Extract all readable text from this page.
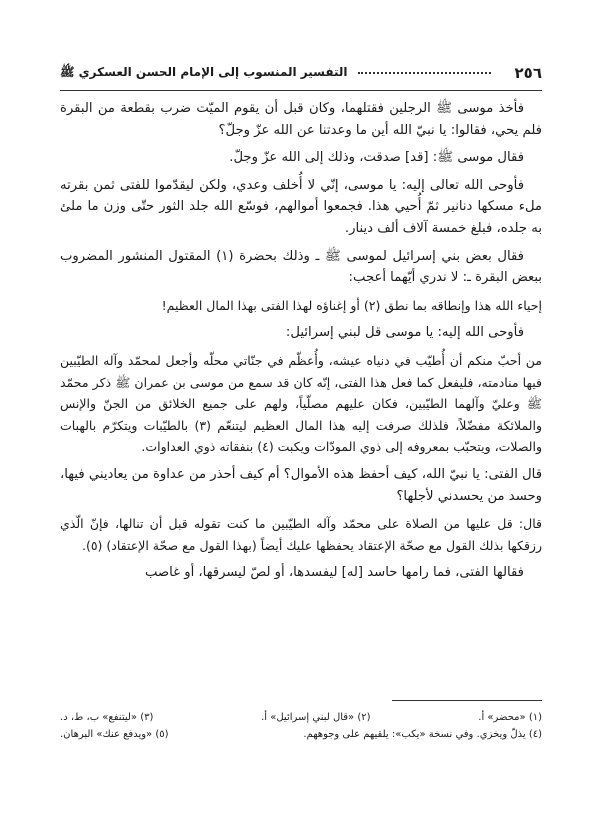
٢٥٦
التفسير المنسوب إلى الإمام الحسن العسكري ﷺ

فأخذ موسى ﷺ الرجلين فقتلهما، وكان قبل أن يقوم الميّت ضرب بقطعة من البقرة فلم يحي، فقالوا: يا نبيّ الله أين ما وعدتنا عن الله عزّ وجلّ؟

فقال موسى ﷺ: [قد] صدقت، وذلك إلى الله عزّ وجلّ.

فأوحى الله تعالى إليه: يا موسى، إنّي لا أُخلف وعدي، ولكن ليقدّموا للفتى ثمن بقرته ملء مسكها دنانير ثمّ أُحيي هذا. فجمعوا أموالهم، فوسّع الله جلد الثور حتّى وزن ما ملئ به جلده، فبلغ خمسة آلاف ألف دينار.

فقال بعض بني إسرائيل لموسى ﷺ ـ وذلك بحضرة (١) المقتول المنشور المضروب ببعض البقرة ـ: لا ندري أيّهما أعجب:

إحياء الله هذا وإنطاقه بما نطق (٢) أو إغناؤه لهذا الفتى بهذا المال العظيم!

فأوحى الله إليه: يا موسى قل لبني إسرائيل:

من أحبّ منكم أن أُطيّب في دنياه عيشه، وأُعظّم في جنّاتي محلّه وأجعل لمحمّد وآله الطيّبين فيها منادمته، فليفعل كما فعل هذا الفتى، إنّه كان قد سمع من موسى بن عمران ﷺ ذكر محمّد ﷺ وعليّ وآلهما الطيّبين، فكان عليهم مصلّياً، ولهم على جميع الخلائق من الجنّ والإنس والملائكة مفضّلاً، فلذلك صرفت إليه هذا المال العظيم ليتنعّم (٣) بالطيّبات ويتكرّم بالهبات والصلات، ويتحبّب بمعروفه إلى ذوي المودّات ويكبت (٤) بنفقاته ذوي العداوات.

قال الفتى: يا نبيّ الله، كيف أحفظ هذه الأموال؟ أم كيف أحذر من عداوة من يعاديني فيها، وحسد من يحسدني لأجلها؟

قال: قل عليها من الصلاة على محمّد وآله الطيّبين ما كنت تقوله قبل أن تنالها، فإنّ الّذي رزقكها بذلك القول مع صحّة الإعتقاد يحفظها عليك أيضاً (بهذا القول مع صحّة الإعتقاد) (٥).

فقالها الفتى، فما رامها حاسد [له] ليفسدها، أو لصّ ليسرقها، أو غاصب

(١) «محضر» أ.
(٢) «قال لبني إسرائيل» أ.
(٣) «ليتنفع» ب، ط، د.
(٤) يذلّ ويخزي. وفي نسخة «يكب»: يلقيهم على وجوههم.
(٥) «ويدفع عنك» البرهان.
